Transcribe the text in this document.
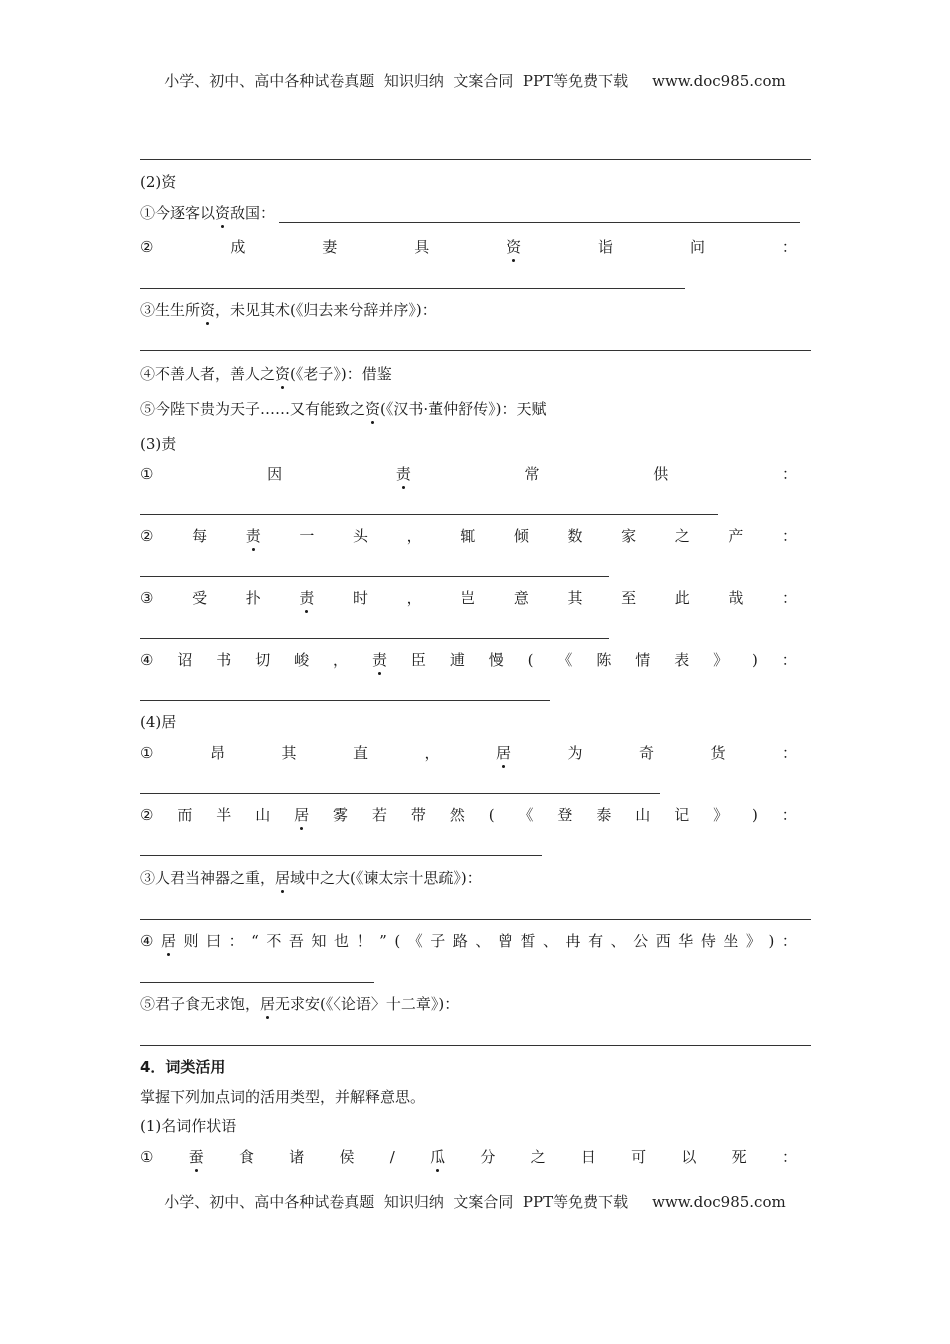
小学、初中、高中各种试卷真题  知识归纳  文案合同  PPT等免费下载 www.doc985.com
(2)资
①今逐客以资敌国：
②	成	妻	具	资	诣	问	：
③生生所资，未见其术(《归去来兮辞并序》)：
④不善人者，善人之资(《老子》)：借鉴
⑤今陛下贵为天子……又有能致之资(《汉书·董仲舒传》)：天赋
(3)责
①	因	责	常	供	：
②	每	责	一	头	，	辄	倾	数	家	之	产	：
③	受	扑	责	时	，	岂	意	其	至	此	哉	：
④ 诏 书 切 峻 ， 责 臣 逋 慢 ( 《 陈 情 表 》 ) ：
(4)居
①	昂	其	直	，	居	为	奇	货	：
② 而 半 山 居 雾 若 带 然 ( 《 登 泰 山 记 》 ) ：
③人君当神器之重，居域中之大(《谏太宗十思疏》)：
④ 居 则 曰 ： “ 不 吾 知 也 ！ ” ( 《 子 路 、 曾 皙 、 冉 有 、 公 西 华 侍 坐 》 ) ：
⑤君子食无求饱，居无求安(《〈论语〉十二章》)：
4．词类活用
掌握下列加点词的活用类型，并解释意思。
(1)名词作状语
① 蚕 食 诸 侯 / 瓜 分 之 日 可 以 死 ：
小学、初中、高中各种试卷真题  知识归纳  文案合同  PPT等免费下载 www.doc985.com
